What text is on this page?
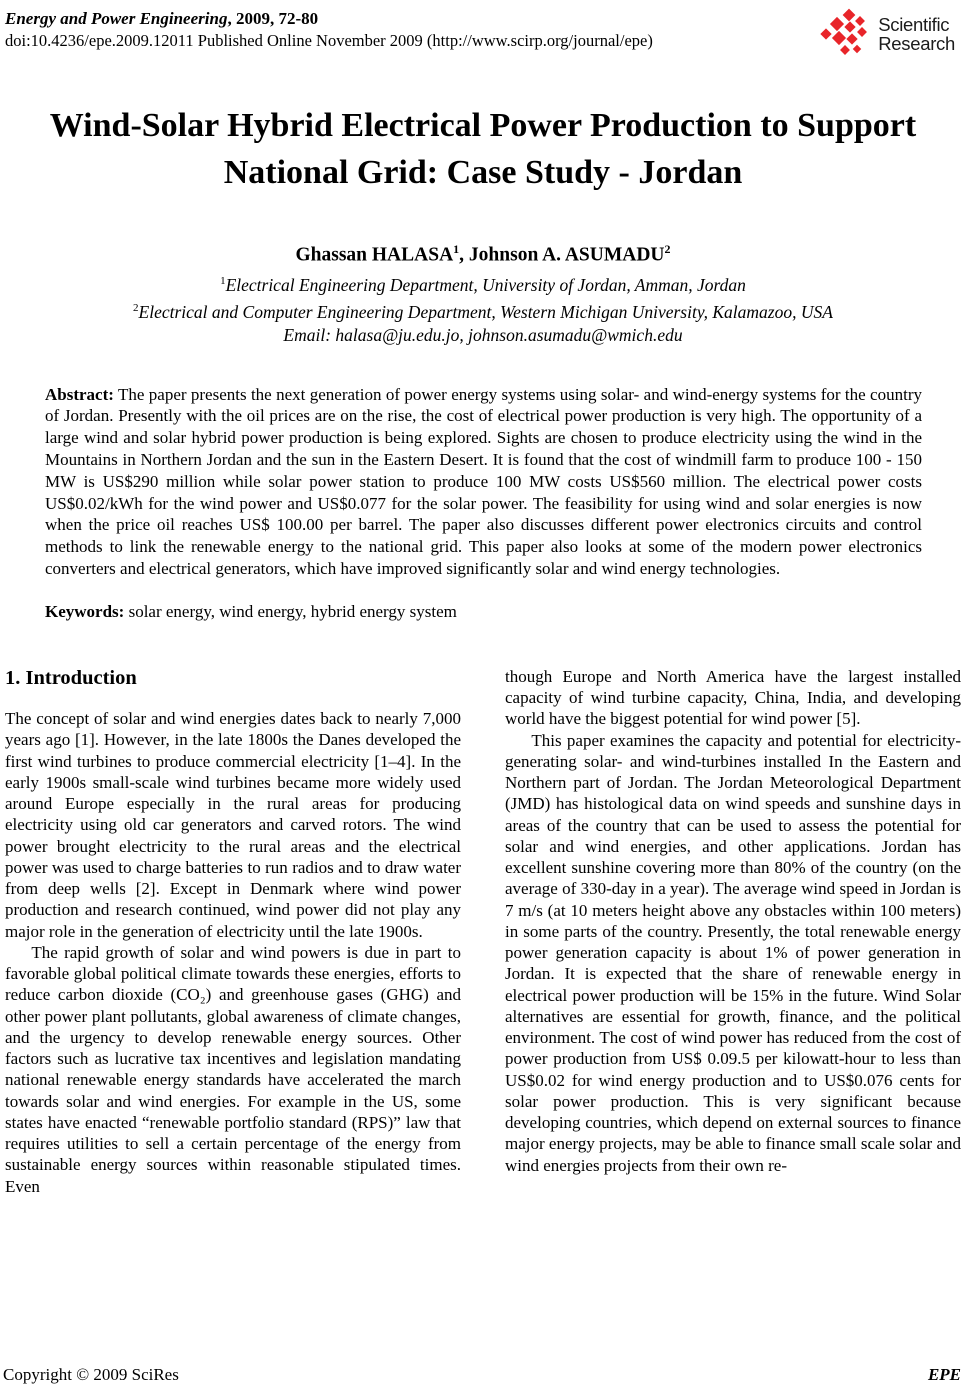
Energy and Power Engineering, 2009, 72-80
doi:10.4236/epe.2009.12011 Published Online November 2009 (http://www.scirp.org/journal/epe)
Scientific
Research
Wind-Solar Hybrid Electrical Power Production to Support National Grid: Case Study - Jordan
Ghassan HALASA$^1$, Johnson A. ASUMADU$^2$
$^1$Electrical Engineering Department, University of Jordan, Amman, Jordan
$^2$Electrical and Computer Engineering Department, Western Michigan University, Kalamazoo, USA
Email: halasa@ju.edu.jo, johnson.asumadu@wmich.edu
Abstract: The paper presents the next generation of power energy systems using solar- and wind-energy systems for the country of Jordan. Presently with the oil prices are on the rise, the cost of electrical power production is very high. The opportunity of a large wind and solar hybrid power production is being explored. Sights are chosen to produce electricity using the wind in the Mountains in Northern Jordan and the sun in the Eastern Desert. It is found that the cost of windmill farm to produce 100 - 150 MW is US$290 million while solar power station to produce 100 MW costs US$560 million. The electrical power costs US$0.02/kWh for the wind power and US$0.077 for the solar power. The feasibility for using wind and solar energies is now when the price oil reaches US$ 100.00 per barrel. The paper also discusses different power electronics circuits and control methods to link the renewable energy to the national grid. This paper also looks at some of the modern power electronics converters and electrical generators, which have improved significantly solar and wind energy technologies.
Keywords: solar energy, wind energy, hybrid energy system
1. Introduction

The concept of solar and wind energies dates back to nearly 7,000 years ago [1]. However, in the late 1800s the Danes developed the first wind turbines to produce commercial electricity [1–4]. In the early 1900s small-scale wind turbines became more widely used around Europe especially in the rural areas for producing electricity using old car generators and carved rotors. The wind power brought electricity to the rural areas and the electrical power was used to charge batteries to run radios and to draw water from deep wells [2]. Except in Denmark where wind power production and research continued, wind power did not play any major role in the generation of electricity until the late 1900s.

The rapid growth of solar and wind powers is due in part to favorable global political climate towards these energies, efforts to reduce carbon dioxide (CO₂) and greenhouse gases (GHG) and other power plant pollutants, global awareness of climate changes, and the urgency to develop renewable energy sources. Other factors such as lucrative tax incentives and legislation mandating national renewable energy standards have accelerated the march towards solar and wind energies. For example in the US, some states have enacted “renewable portfolio standard (RPS)” law that requires utilities to sell a certain percentage of the energy from sustainable energy sources within reasonable stipulated times. Even

though Europe and North America have the largest installed capacity of wind turbine capacity, China, India, and developing world have the biggest potential for wind power [5].

This paper examines the capacity and potential for electricity-generating solar- and wind-turbines installed In the Eastern and Northern part of Jordan. The Jordan Meteorological Department (JMD) has histological data on wind speeds and sunshine days in areas of the country that can be used to assess the potential for solar and wind energies, and other applications. Jordan has excellent sunshine covering more than 80% of the country (on the average of 330-day in a year). The average wind speed in Jordan is 7 m/s (at 10 meters height above any obstacles within 100 meters) in some parts of the country. Presently, the total renewable energy power generation capacity is about 1% of power generation in Jordan. It is expected that the share of renewable energy in electrical power production will be 15% in the future. Wind Solar alternatives are essential for growth, finance, and the political environment. The cost of wind power has reduced from the cost of power production from US$ 0.09.5 per kilowatt-hour to less than US$0.02 for wind energy production and to US$0.076 cents for solar power production. This is very significant because developing countries, which depend on external sources to finance major energy projects, may be able to finance small scale solar and wind energies projects from their own re-

Copyright © 2009 SciRes	EPE
